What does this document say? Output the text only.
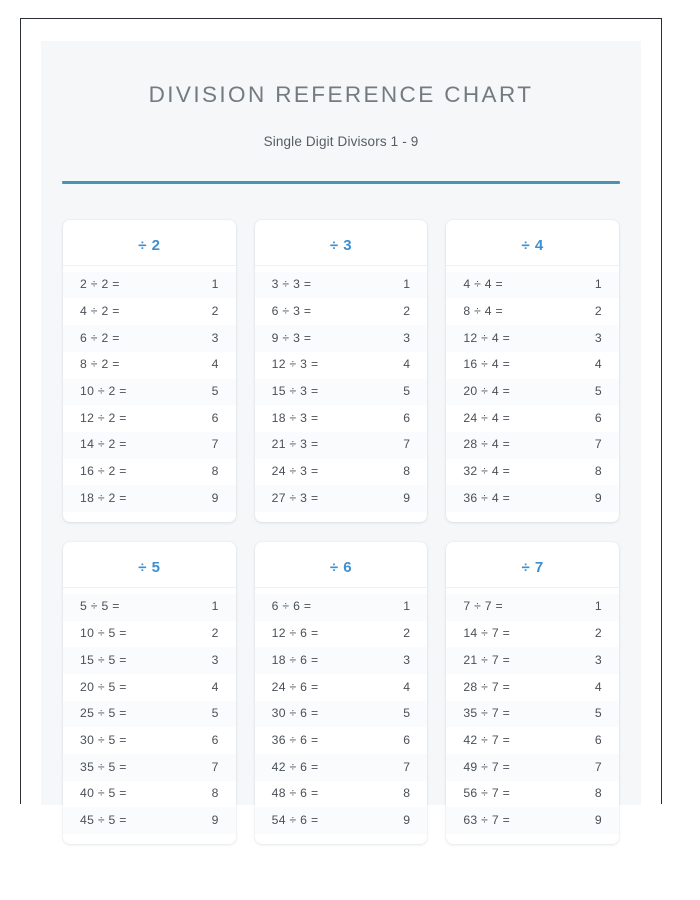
DIVISION REFERENCE CHART

Single Digit Divisors 1 - 9

÷ 2
2 ÷ 2 =	1
4 ÷ 2 =	2
6 ÷ 2 =	3
8 ÷ 2 =	4
10 ÷ 2 =	5
12 ÷ 2 =	6
14 ÷ 2 =	7
16 ÷ 2 =	8
18 ÷ 2 =	9
÷ 3
3 ÷ 3 =	1
6 ÷ 3 =	2
9 ÷ 3 =	3
12 ÷ 3 =	4
15 ÷ 3 =	5
18 ÷ 3 =	6
21 ÷ 3 =	7
24 ÷ 3 =	8
27 ÷ 3 =	9
÷ 4
4 ÷ 4 =	1
8 ÷ 4 =	2
12 ÷ 4 =	3
16 ÷ 4 =	4
20 ÷ 4 =	5
24 ÷ 4 =	6
28 ÷ 4 =	7
32 ÷ 4 =	8
36 ÷ 4 =	9
÷ 5
5 ÷ 5 =	1
10 ÷ 5 =	2
15 ÷ 5 =	3
20 ÷ 5 =	4
25 ÷ 5 =	5
30 ÷ 5 =	6
35 ÷ 5 =	7
40 ÷ 5 =	8
45 ÷ 5 =	9
÷ 6
6 ÷ 6 =	1
12 ÷ 6 =	2
18 ÷ 6 =	3
24 ÷ 6 =	4
30 ÷ 6 =	5
36 ÷ 6 =	6
42 ÷ 6 =	7
48 ÷ 6 =	8
54 ÷ 6 =	9
÷ 7
7 ÷ 7 =	1
14 ÷ 7 =	2
21 ÷ 7 =	3
28 ÷ 7 =	4
35 ÷ 7 =	5
42 ÷ 7 =	6
49 ÷ 7 =	7
56 ÷ 7 =	8
63 ÷ 7 =	9
